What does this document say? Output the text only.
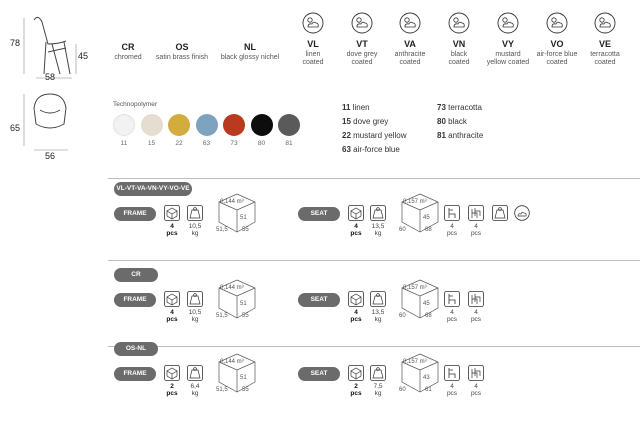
78
45
58
65
56
CR
chromed
OS
satin brass finish
NL
black glossy nichel
VL
linen
coated
VT
dove grey
coated
VA
anthracite
coated
VN
black
coated
VY
mustard
yellow coated
VO
air-force blue
coated
VE
terracotta
coated
Technopolymer
11	15	22	63	73	80	81
11 linen
15 dove grey
22 mustard yellow
63 air-force blue
73 terracotta
80 black
81 anthracite
VL-VT-VA-VN-VY-VO-VE
FRAME
4
pcs
10,5
kg
0,144 m³
51
51,5 55
SEAT
4
pcs
13,5
kg
0,157 m³
45
60	68	4
pcs
4
pcs
CR
FRAME
4
pcs
10,5
kg
0,144 m³
51
51,5 55
SEAT
4
pcs
13,5
kg
0,157 m³
45
60	68	4
pcs
4
pcs
OS-NL
FRAME
2
pcs
6,4
kg
0,144 m³
51
51,5 55
SEAT
2
pcs
7,5
kg
0,157 m³
43
60	61	4
pcs
4
pcs
